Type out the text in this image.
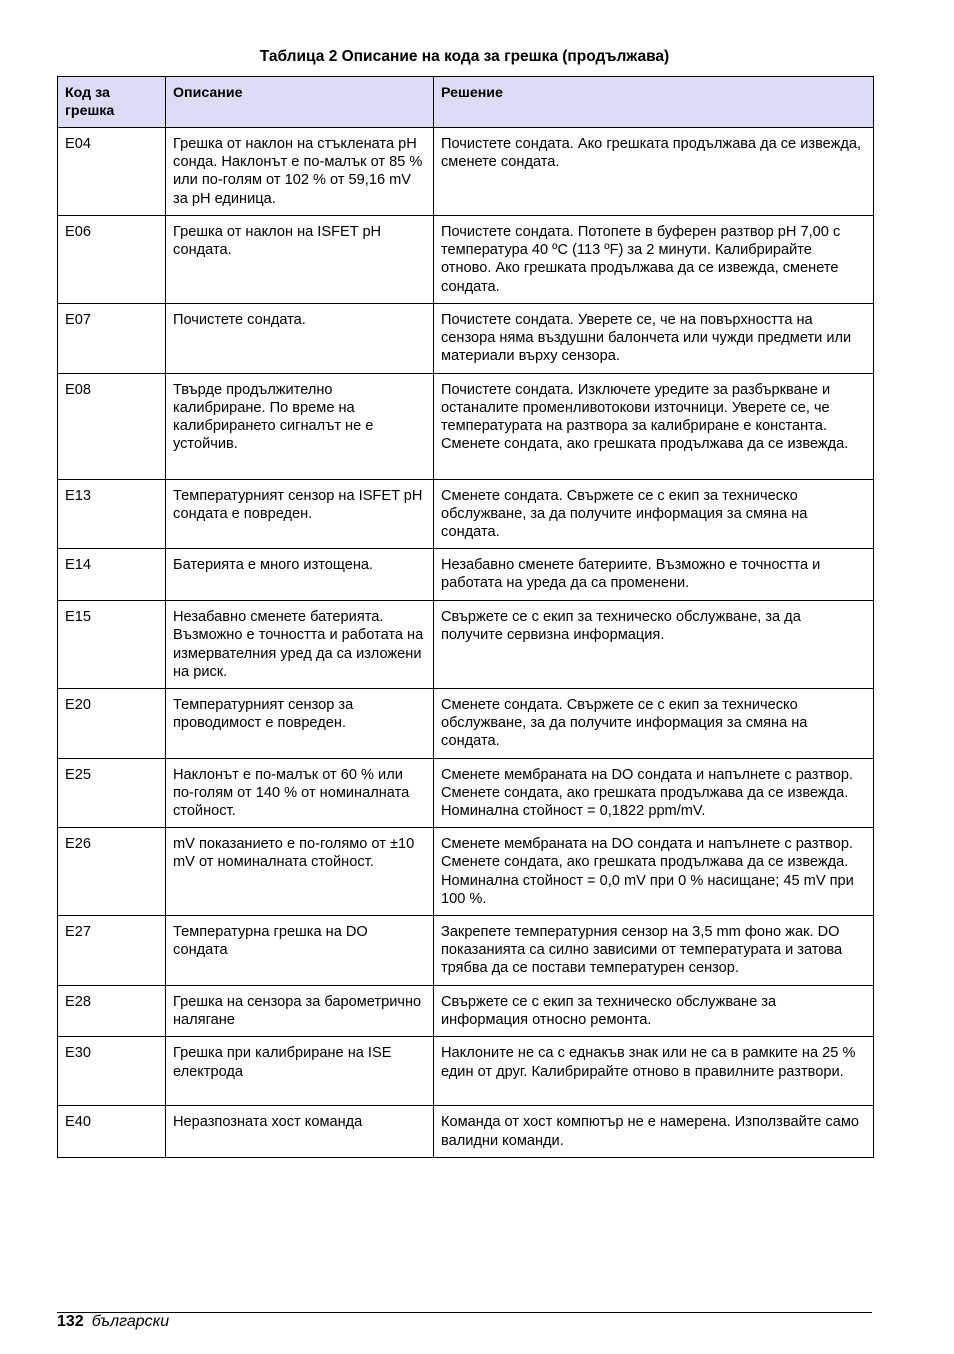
Таблица 2 Описание на кода за грешка (продължава)
Код за грешка	Описание	Решение
E04	Грешка от наклон на стъклената pH сонда. Наклонът е по-малък от 85 % или по-голям от 102 % от 59,16 mV за pH единица.	Почистете сондата. Ако грешката продължава да се извежда, сменете сондата.
E06	Грешка от наклон на ISFET pH сондата.	Почистете сондата. Потопете в буферен разтвор pH 7,00 с температура 40 ºC (113 ºF) за 2 минути. Калибрирайте отново. Ако грешката продължава да се извежда, сменете сондата.
E07	Почистете сондата.	Почистете сондата. Уверете се, че на повърхността на сензора няма въздушни балончета или чужди предмети или материали върху сензора.
E08	Твърде продължително калибриране. По време на калибрирането сигналът не е устойчив.	Почистете сондата. Изключете уредите за разбъркване и останалите променливотокови източници. Уверете се, че температурата на разтвора за калибриране е константа. Сменете сондата, ако грешката продължава да се извежда.
E13	Температурният сензор на ISFET pH сондата е повреден.	Сменете сондата. Свържете се с екип за техническо обслужване, за да получите информация за смяна на сондата.
E14	Батерията е много изтощена.	Незабавно сменете батериите. Възможно е точността и работата на уреда да са променени.
E15	Незабавно сменете батерията. Възможно е точността и работата на измервателния уред да са изложени на риск.	Свържете се с екип за техническо обслужване, за да получите сервизна информация.
E20	Температурният сензор за проводимост е повреден.	Сменете сондата. Свържете се с екип за техническо обслужване, за да получите информация за смяна на сондата.
E25	Наклонът е по-малък от 60 % или по-голям от 140 % от номиналната стойност.	Сменете мембраната на DO сондата и напълнете с разтвор. Сменете сондата, ако грешката продължава да се извежда. Номинална стойност = 0,1822 ppm/mV.
E26	mV показанието е по-голямо от ±10 mV от номиналната стойност.	Сменете мембраната на DO сондата и напълнете с разтвор. Сменете сондата, ако грешката продължава да се извежда. Номинална стойност = 0,0 mV при 0 % насищане; 45 mV при 100 %.
E27	Температурна грешка на DO сондата	Закрепете температурния сензор на 3,5 mm фоно жак. DO показанията са силно зависими от температурата и затова трябва да се постави температурен сензор.
E28	Грешка на сензора за барометрично налягане	Свържете се с екип за техническо обслужване за информация относно ремонта.
E30	Грешка при калибриране на ISE електрода	Наклоните не са с еднакъв знак или не са в рамките на 25 % един от друг. Калибрирайте отново в правилните разтвори.
E40	Неразпозната хост команда	Команда от хост компютър не е намерена. Използвайте само валидни команди.
132 български
